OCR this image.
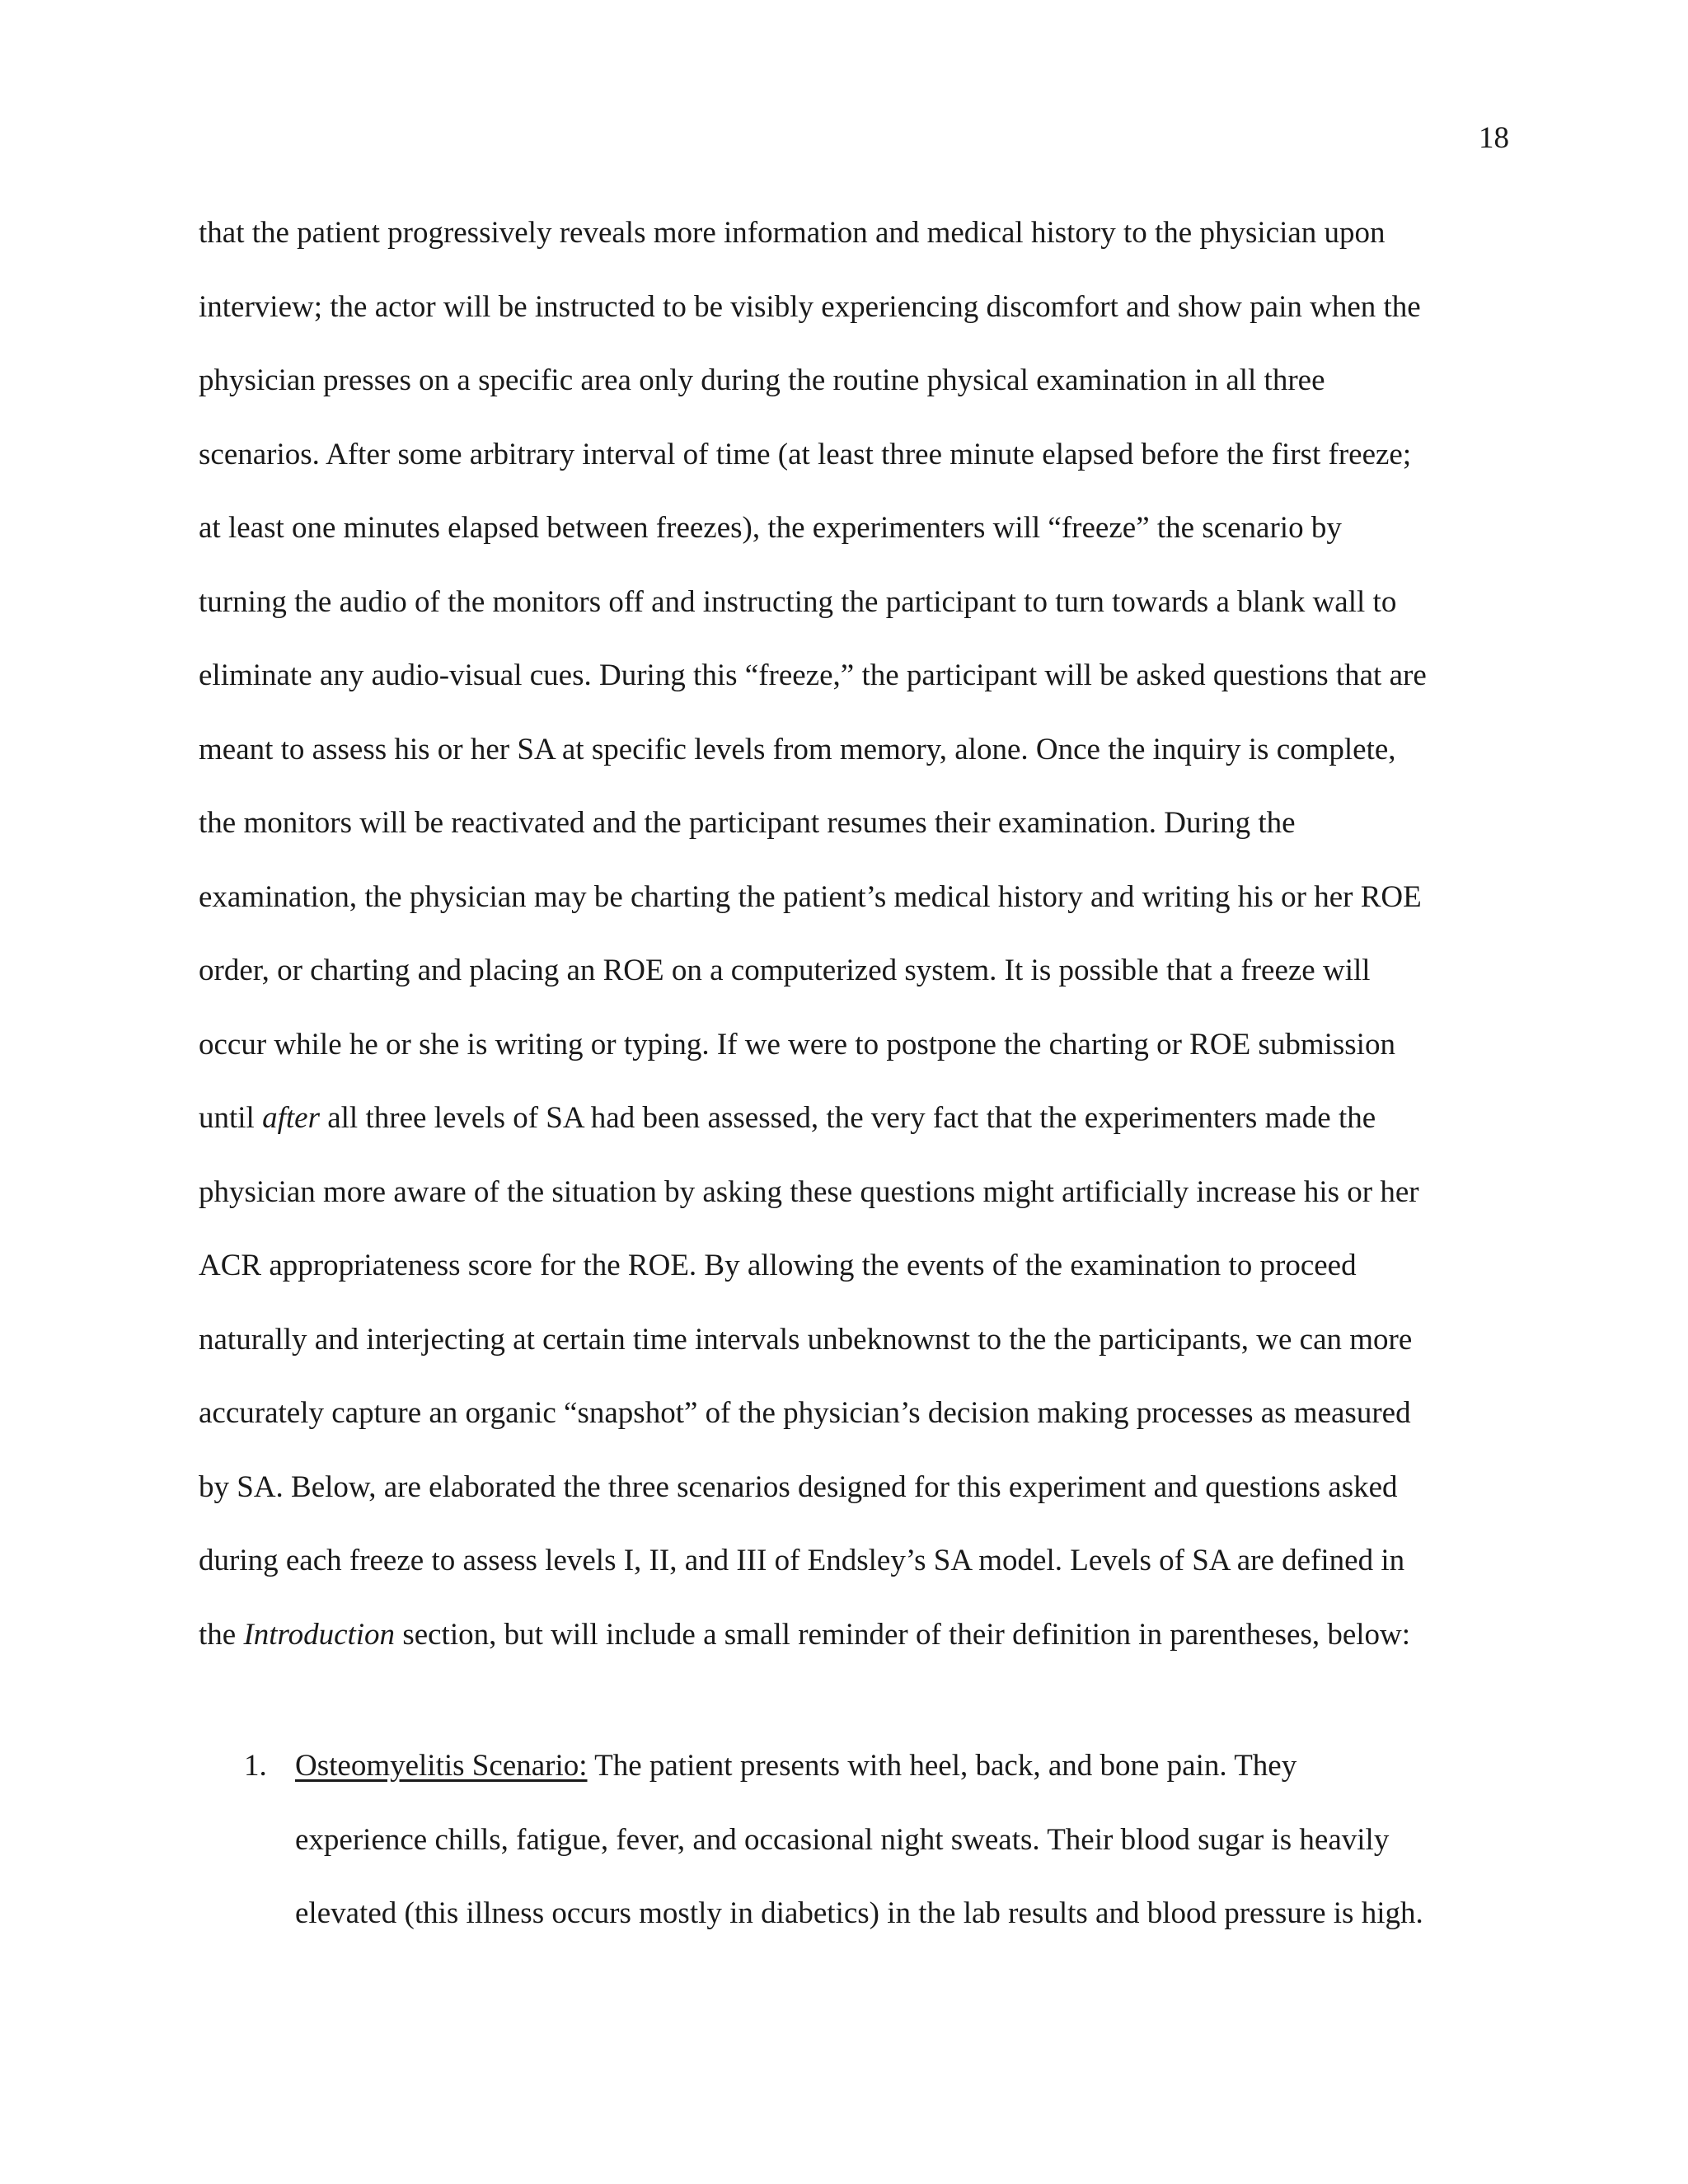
18
that the patient progressively reveals more information and medical history to the physician upon
interview; the actor will be instructed to be visibly experiencing discomfort and show pain when the
physician presses on a specific area only during the routine physical examination in all three
scenarios. After some arbitrary interval of time (at least three minute elapsed before the first freeze;
at least one minutes elapsed between freezes), the experimenters will “freeze” the scenario by
turning the audio of the monitors off and instructing the participant to turn towards a blank wall to
eliminate any audio-visual cues. During this “freeze,” the participant will be asked questions that are
meant to assess his or her SA at specific levels from memory, alone. Once the inquiry is complete,
the monitors will be reactivated and the participant resumes their examination. During the
examination, the physician may be charting the patient’s medical history and writing his or her ROE
order, or charting and placing an ROE on a computerized system. It is possible that a freeze will
occur while he or she is writing or typing. If we were to postpone the charting or ROE submission
until after all three levels of SA had been assessed, the very fact that the experimenters made the
physician more aware of the situation by asking these questions might artificially increase his or her
ACR appropriateness score for the ROE. By allowing the events of the examination to proceed
naturally and interjecting at certain time intervals unbeknownst to the the participants, we can more
accurately capture an organic “snapshot” of the physician’s decision making processes as measured
by SA. Below, are elaborated the three scenarios designed for this experiment and questions asked
during each freeze to assess levels I, II, and III of Endsley’s SA model. Levels of SA are defined in
the Introduction section, but will include a small reminder of their definition in parentheses, below:
1. Osteomyelitis Scenario: The patient presents with heel, back, and bone pain. They
experience chills, fatigue, fever, and occasional night sweats. Their blood sugar is heavily
elevated (this illness occurs mostly in diabetics) in the lab results and blood pressure is high.
